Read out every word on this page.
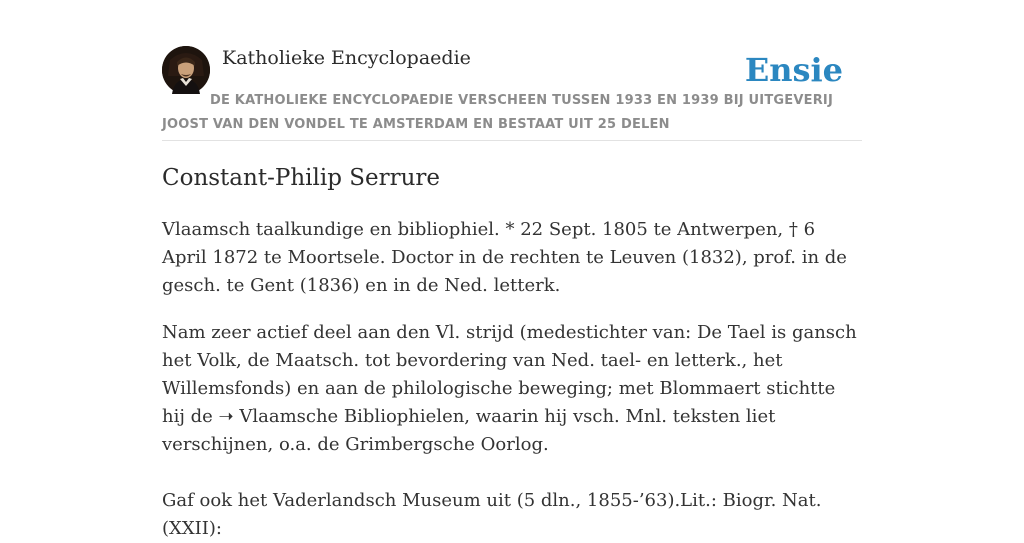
Katholieke Encyclopaedie	Ensie
DE KATHOLIEKE ENCYCLOPAEDIE VERSCHEEN TUSSEN 1933 EN 1939 BIJ UITGEVERIJ JOOST VAN DEN VONDEL TE AMSTERDAM EN BESTAAT UIT 25 DELEN
Constant-Philip Serrure

Vlaamsch taalkundige en bibliophiel. * 22 Sept. 1805 te Antwerpen, † 6 April 1872 te Moortsele. Doctor in de rechten te Leuven (1832), prof. in de gesch. te Gent (1836) en in de Ned. letterk.

Nam zeer actief deel aan den Vl. strijd (medestichter van: De Tael is gansch het Volk, de Maatsch. tot bevordering van Ned. tael- en letterk., het Willemsfonds) en aan de philologische beweging; met Blommaert stichtte hij de ➝ Vlaamsche Bibliophielen, waarin hij vsch. Mnl. teksten liet verschijnen, o.a. de Grimbergsche Oorlog.

Gaf ook het Vaderlandsch Museum uit (5 dln., 1855-’63).Lit.: Biogr. Nat. (XXII):
